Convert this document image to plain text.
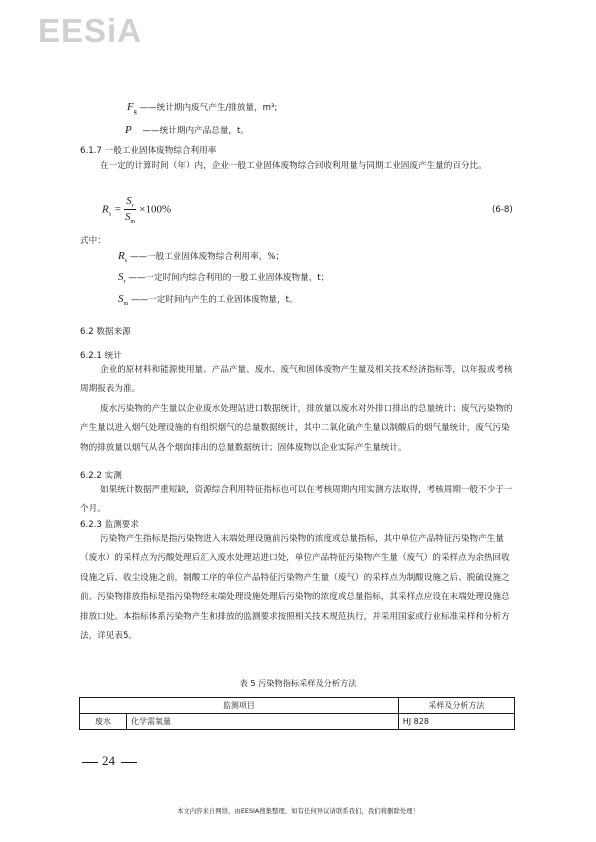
EESiA
$F_g$ ——统计期内废气产生/排放量，m³;
P ——统计期内产品总量，t。
6.1.7 一般工业固体废物综合利用率
在一定的计算时间（年）内，企业一般工业固体废物综合回收利用量与同期工业固废产生量的百分比。
$R_s = \frac{S_r}{S_m} \times 100\%$	(6-8)
式中：
$R_s$ ——一般工业固体废物综合利用率，%；
$S_r$ ——一定时间内综合利用的一般工业固体废物量，t；
$S_m$ ——一定时间内产生的工业固体废物量，t。
6.2 数据来源
6.2.1 统计
企业的原材料和能源使用量、产品产量、废水、废气和固体废物产生量及相关技术经济指标等，以年报或考核周期报表为准。
废水污染物的产生量以企业废水处理站进口数据统计，排放量以废水对外排口排出的总量统计；废气污染物的产生量以进入烟气处理设施的有组织烟气的总量数据统计，其中二氧化硫产生量以制酸后的烟气量统计，废气污染物的排放量以烟气从各个烟囱排出的总量数据统计；固体废物以企业实际产生量统计。
6.2.2 实测
如果统计数据严重短缺，资源综合利用特征指标也可以在考核周期内用实测方法取得，考核周期一般不少于一个月。
6.2.3 监测要求
污染物产生指标是指污染物进入末端处理设施前污染物的浓度或总量指标，其中单位产品特征污染物产生量（废水）的采样点为污酸处理后汇入废水处理站进口处，单位产品特征污染物产生量（废气）的采样点为余热回收设施之后、收尘设施之前，制酸工序的单位产品特征污染物产生量（废气）的采样点为制酸设施之后、脱硫设施之前。污染物排放指标是指污染物经末端处理设施处理后污染物的浓度或总量指标，其采样点应设在末端处理设施总排放口处。本指标体系污染物产生和排放的监测要求按照相关技术规范执行，并采用国家或行业标准采样和分析方法，详见表5。
表 5 污染物指标采样及分析方法
监测项目		采样及分析方法
废水	化学需氧量	HJ 828
24
本文内容来自网络，由EESIA搜集整理，如有任何异议请联系我们，我们将删除处理！
